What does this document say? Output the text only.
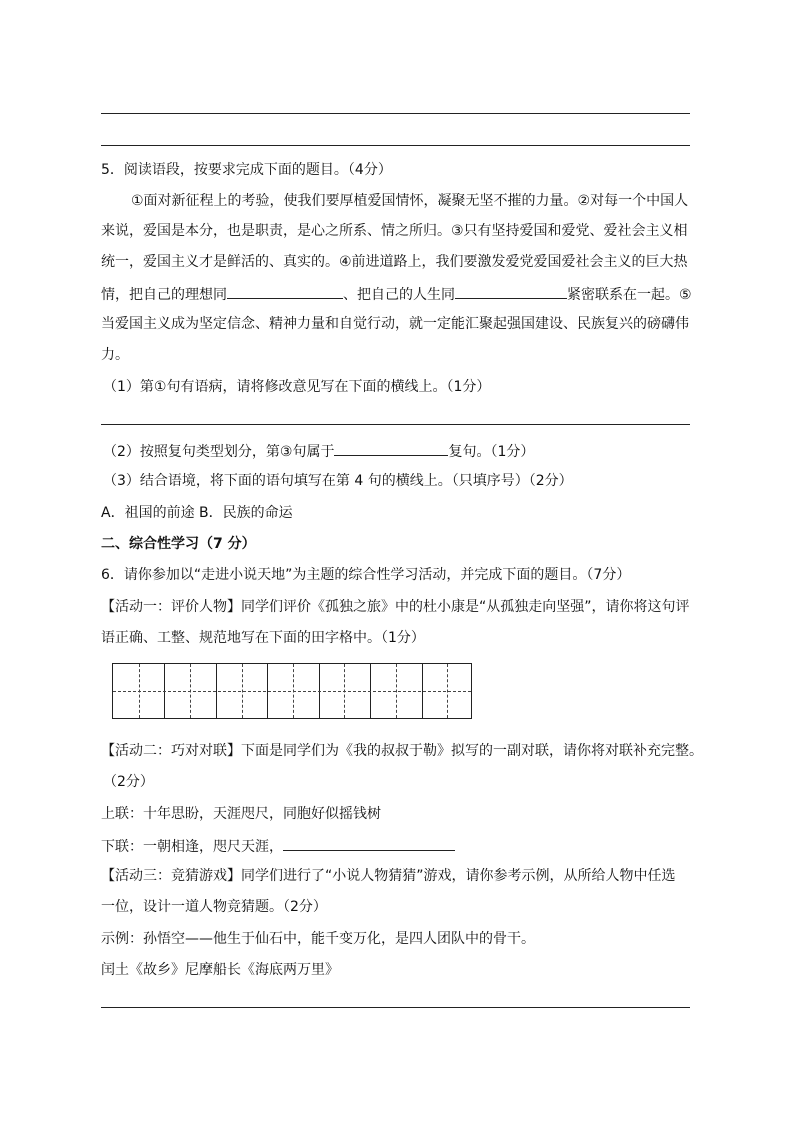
5．阅读语段，按要求完成下面的题目。（4分）
①面对新征程上的考验，使我们要厚植爱国情怀，凝聚无坚不摧的力量。②对每一个中国人
来说，爱国是本分，也是职责，是心之所系、情之所归。③只有坚持爱国和爱党、爱社会主义相
统一，爱国主义才是鲜活的、真实的。④前进道路上，我们要激发爱党爱国爱社会主义的巨大热
情，把自己的理想同	、把自己的人生同	紧密联系在一起。⑤
当爱国主义成为坚定信念、精神力量和自觉行动，就一定能汇聚起强国建设、民族复兴的磅礴伟
力。
（1）第①句有语病，请将修改意见写在下面的横线上。（1分）
（2）按照复句类型划分，第③句属于	复句。（1分）
（3）结合语境，将下面的语句填写在第 4 句的横线上。（只填序号）（2分）
A．祖国的前途 B．民族的命运
二、综合性学习（7 分）
6．请你参加以“走进小说天地”为主题的综合性学习活动，并完成下面的题目。（7分）
【活动一：评价人物】同学们评价《孤独之旅》中的杜小康是“从孤独走向坚强”，请你将这句评
语正确、工整、规范地写在下面的田字格中。（1分）
【活动二：巧对对联】下面是同学们为《我的叔叔于勒》拟写的一副对联，请你将对联补充完整。
（2分）
上联：十年思盼，天涯咫尺，同胞好似摇钱树
下联：一朝相逢，咫尺天涯，
【活动三：竞猜游戏】同学们进行了“小说人物猜猜”游戏，请你参考示例，从所给人物中任选
一位，设计一道人物竞猜题。（2分）
示例：孙悟空——他生于仙石中，能千变万化，是四人团队中的骨干。
闰土《故乡》尼摩船长《海底两万里》
